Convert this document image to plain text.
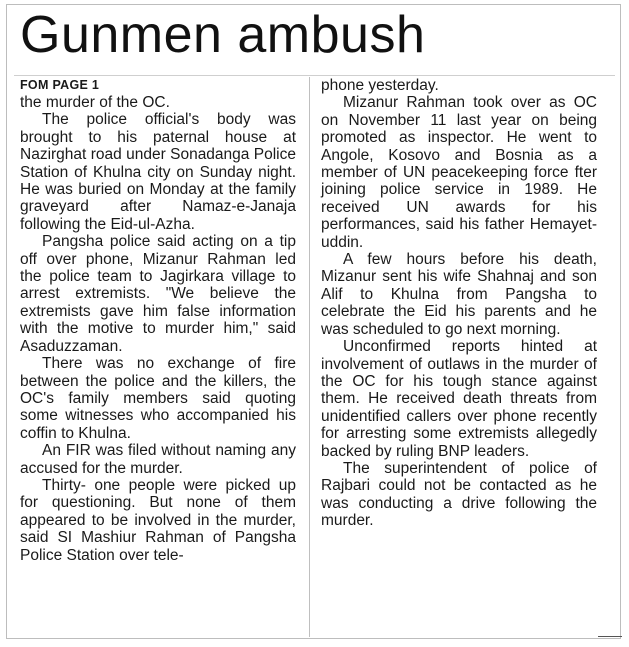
Gunmen ambush
FOM PAGE 1

the murder of the OC.

The police official's body was brought to his paternal house at Nazirghat road under Sonadanga Police Station of Khulna city on Sunday night. He was buried on Monday at the family graveyard after Namaz-e-Janaja following the Eid-ul-Azha.

Pangsha police said acting on a tip off over phone, Mizanur Rahman led the police team to Jagirkara village to arrest extremists. "We believe the extremists gave him false information with the motive to murder him," said Asaduzzaman.

There was no exchange of fire between the police and the killers, the OC's family members said quoting some witnesses who accompanied his coffin to Khulna.

An FIR was filed without naming any accused for the murder.

Thirty- one people were picked up for questioning. But none of them appeared to be involved in the murder, said SI Mashiur Rahman of Pangsha Police Station over tele-

phone yesterday.

Mizanur Rahman took over as OC on November 11 last year on being promoted as inspector. He went to Angole, Kosovo and Bosnia as a member of UN peacekeeping force fter joining police service in 1989. He received UN awards for his performances, said his father Hemayet-uddin.

A few hours before his death, Mizanur sent his wife Shahnaj and son Alif to Khulna from Pangsha to celebrate the Eid his parents and he was scheduled to go next morning.

Unconfirmed reports hinted at involvement of outlaws in the murder of the OC for his tough stance against them. He received death threats from unidentified callers over phone recently for arresting some extremists allegedly backed by ruling BNP leaders.

The superintendent of police of Rajbari could not be contacted as he was conducting a drive following the murder.
